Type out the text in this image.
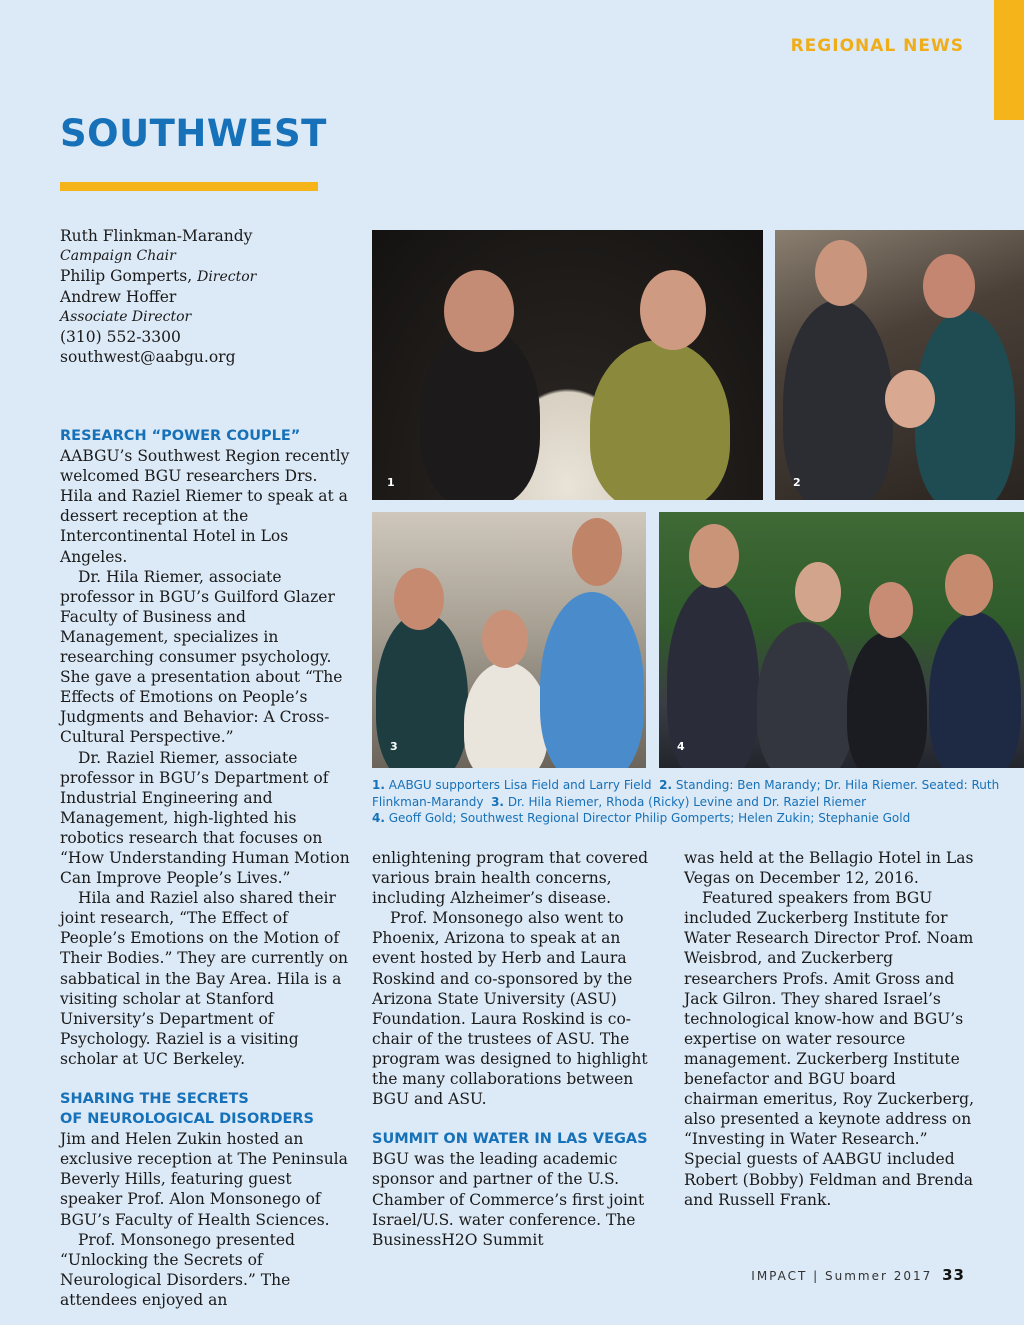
REGIONAL NEWS
SOUTHWEST
Ruth Flinkman-Marandy
Campaign Chair
Philip Gomperts, Director
Andrew Hoffer
Associate Director
(310) 552-3300
southwest@aabgu.org
RESEARCH “POWER COUPLE”

AABGU’s Southwest Region recently welcomed BGU researchers Drs. Hila and Raziel Riemer to speak at a dessert reception at the Intercontinental Hotel in Los Angeles.

Dr. Hila Riemer, associate professor in BGU’s Guilford Glazer Faculty of Business and Management, specializes in researching consumer psychology. She gave a presentation about “The Effects of Emotions on People’s Judgments and Behavior: A Cross-Cultural Perspective.”

Dr. Raziel Riemer, associate professor in BGU’s Department of Industrial Engineering and Management, high-lighted his robotics research that focuses on “How Understanding Human Motion Can Improve People’s Lives.”

Hila and Raziel also shared their joint research, “The Effect of People’s Emotions on the Motion of Their Bodies.” They are currently on sabbatical in the Bay Area. Hila is a visiting scholar at Stanford University’s Department of Psychology. Raziel is a visiting scholar at UC Berkeley.

SHARING THE SECRETS
OF NEUROLOGICAL DISORDERS

Jim and Helen Zukin hosted an exclusive reception at The Peninsula Beverly Hills, featuring guest speaker Prof. Alon Monsonego of BGU’s Faculty of Health Sciences.

Prof. Monsonego presented “Unlocking the Secrets of Neurological Disorders.” The attendees enjoyed an

enlightening program that covered various brain health concerns, including Alzheimer’s disease.

Prof. Monsonego also went to Phoenix, Arizona to speak at an event hosted by Herb and Laura Roskind and co-sponsored by the Arizona State University (ASU) Foundation. Laura Roskind is co-chair of the trustees of ASU. The program was designed to highlight the many collaborations between BGU and ASU.

SUMMIT ON WATER IN LAS VEGAS

BGU was the leading academic sponsor and partner of the U.S. Chamber of Commerce’s first joint Israel/U.S. water conference. The BusinessH2O Summit

was held at the Bellagio Hotel in Las Vegas on December 12, 2016.

Featured speakers from BGU included Zuckerberg Institute for Water Research Director Prof. Noam Weisbrod, and Zuckerberg researchers Profs. Amit Gross and Jack Gilron. They shared Israel’s technological know-how and BGU’s expertise on water resource management. Zuckerberg Institute benefactor and BGU board chairman emeritus, Roy Zuckerberg, also presented a keynote address on “Investing in Water Research.” Special guests of AABGU included Robert (Bobby) Feldman and Brenda and Russell Frank.

1	2
3	4
1. AABGU supporters Lisa Field and Larry Field 2. Standing: Ben Marandy; Dr. Hila Riemer. Seated: Ruth Flinkman-Marandy 3. Dr. Hila Riemer, Rhoda (Ricky) Levine and Dr. Raziel Riemer
4. Geoff Gold; Southwest Regional Director Philip Gomperts; Helen Zukin; Stephanie Gold
IMPACT | Summer 2017 33
